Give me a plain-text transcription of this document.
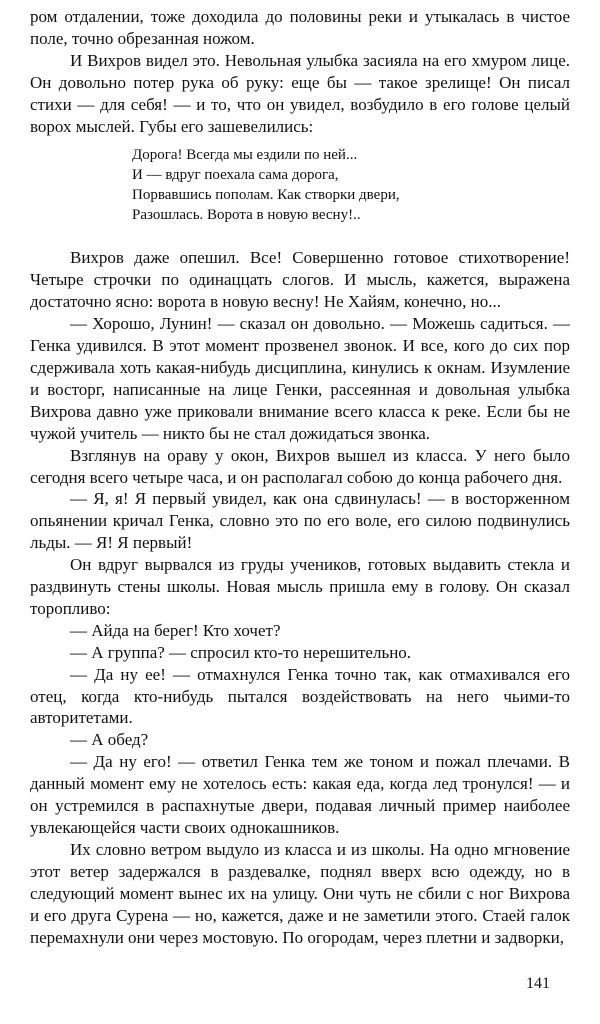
ром отдалении, тоже доходила до половины реки и утыкалась в чистое поле, точно обрезанная ножом.

И Вихров видел это. Невольная улыбка засияла на его хмуром лице. Он довольно потер рука об руку: еще бы — такое зрелище! Он писал стихи — для себя! — и то, что он увидел, возбудило в его голове целый ворох мыслей. Губы его зашевелились:

Дорога! Всегда мы ездили по ней...
И — вдруг поехала сама дорога,
Порвавшись пополам. Как створки двери,
Разошлась. Ворота в новую весну!..

Вихров даже опешил. Все! Совершенно готовое стихотворение! Четыре строчки по одинаццать слогов. И мысль, кажется, выражена достаточно ясно: ворота в новую весну! Не Хайям, конечно, но...

— Хорошо, Лунин! — сказал он довольно. — Можешь садиться. — Генка удивился. В этот момент прозвенел звонок. И все, кого до сих пор сдерживала хоть какая-нибудь дисциплина, кинулись к окнам. Изумление и восторг, написанные на лице Генки, рассеянная и довольная улыбка Вихрова давно уже приковали внимание всего класса к реке. Если бы не чужой учитель — никто бы не стал дожидаться звонка.

Взглянув на ораву у окон, Вихров вышел из класса. У него было сегодня всего четыре часа, и он располагал собою до конца рабочего дня.

— Я, я! Я первый увидел, как она сдвинулась! — в восторженном опьянении кричал Генка, словно это по его воле, его силою подвинулись льды. — Я! Я первый!

Он вдруг вырвался из груды учеников, готовых выдавить стекла и раздвинуть стены школы. Новая мысль пришла ему в голову. Он сказал торопливо:

— Айда на берег! Кто хочет?

— А группа? — спросил кто-то нерешительно.

— Да ну ее! — отмахнулся Генка точно так, как отмахивался его отец, когда кто-нибудь пытался воздействовать на него чьими-то авторитетами.

— А обед?

— Да ну его! — ответил Генка тем же тоном и пожал плечами. В данный момент ему не хотелось есть: какая еда, когда лед тронулся! — и он устремился в распахнутые двери, подавая личный пример наиболее увлекающейся части своих однокашников.

Их словно ветром выдуло из класса и из школы. На одно мгновение этот ветер задержался в раздевалке, поднял вверх всю одежду, но в следующий момент вынес их на улицу. Они чуть не сбили с ног Вихрова и его друга Сурена — но, кажется, даже и не заметили этого. Стаей галок перемахнули они через мостовую. По огородам, через плетни и задворки,

141
